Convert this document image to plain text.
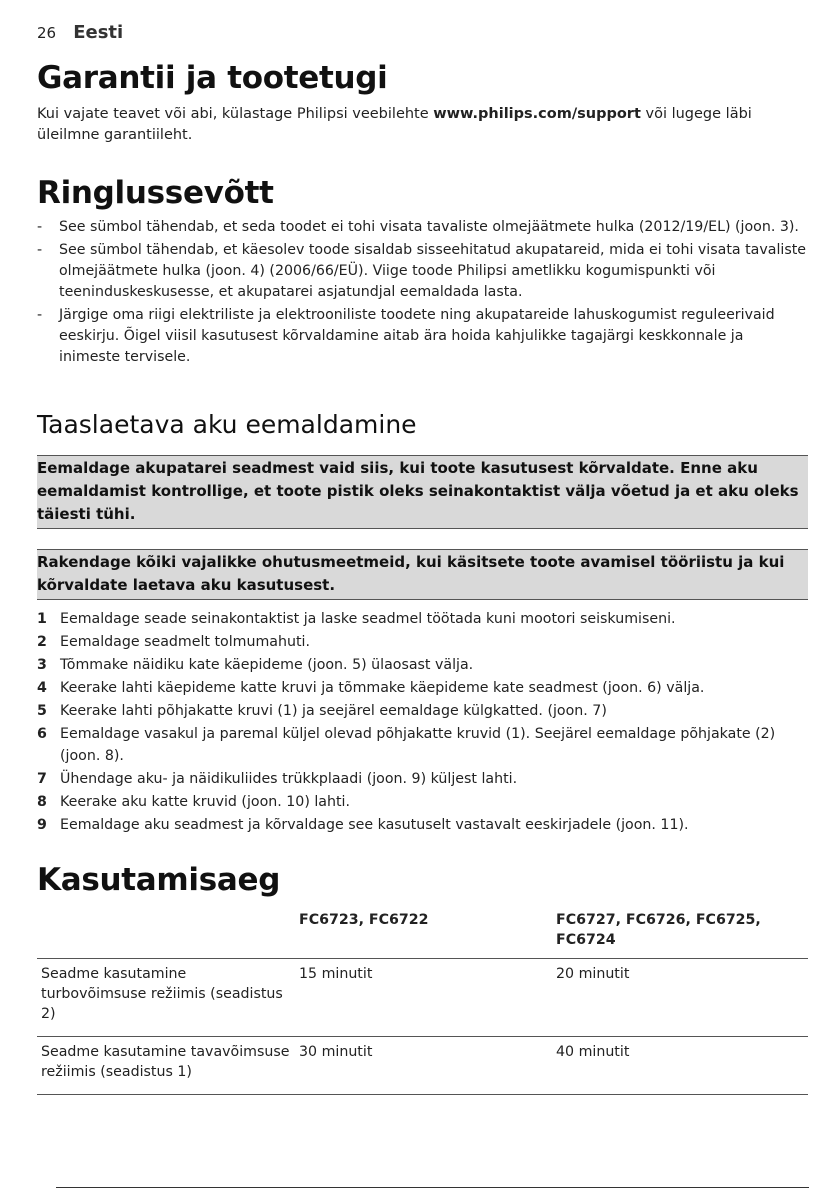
26 Eesti
Garantii ja tootetugi
Kui vajate teavet või abi, külastage Philipsi veebilehte www.philips.com/support või lugege läbi üleilmne garantiileht.
Ringlussevõtt
- See sümbol tähendab, et seda toodet ei tohi visata tavaliste olmejäätmete hulka (2012/19/EL) (joon. 3).
- See sümbol tähendab, et käesolev toode sisaldab sisseehitatud akupatareid, mida ei tohi visata tavaliste olmejäätmete hulka (joon. 4) (2006/66/EÜ). Viige toode Philipsi ametlikku kogumispunkti või teeninduskeskusesse, et akupatarei asjatundjal eemaldada lasta.
- Järgige oma riigi elektriliste ja elektrooniliste toodete ning akupatareide lahuskogumist reguleerivaid eeskirju. Õigel viisil kasutusest kõrvaldamine aitab ära hoida kahjulikke tagajärgi keskkonnale ja inimeste tervisele.
Taaslaetava aku eemaldamine
Eemaldage akupatarei seadmest vaid siis, kui toote kasutusest kõrvaldate. Enne aku eemaldamist kontrollige, et toote pistik oleks seinakontaktist välja võetud ja et aku oleks täiesti tühi.
Rakendage kõiki vajalikke ohutusmeetmeid, kui käsitsete toote avamisel tööriistu ja kui kõrvaldate laetava aku kasutusest.
1 Eemaldage seade seinakontaktist ja laske seadmel töötada kuni mootori seiskumiseni.
2 Eemaldage seadmelt tolmumahuti.
3 Tõmmake näidiku kate käepideme (joon. 5) ülaosast välja.
4 Keerake lahti käepideme katte kruvi ja tõmmake käepideme kate seadmest (joon. 6) välja.
5 Keerake lahti põhjakatte kruvi (1) ja seejärel eemaldage külgkatted. (joon. 7)
6 Eemaldage vasakul ja paremal küljel olevad põhjakatte kruvid (1). Seejärel eemaldage põhjakate (2) (joon. 8).
7 Ühendage aku- ja näidikuliides trükkplaadi (joon. 9) küljest lahti.
8 Keerake aku katte kruvid (joon. 10) lahti.
9 Eemaldage aku seadmest ja kõrvaldage see kasutuselt vastavalt eeskirjadele (joon. 11).
Kasutamisaeg
	FC6723, FC6722	FC6727, FC6726, FC6725, FC6724
Seadme kasutamine turbovõimsuse režiimis (seadistus 2)	15 minutit	20 minutit
Seadme kasutamine tavavõimsuse režiimis (seadistus 1)	30 minutit	40 minutit
